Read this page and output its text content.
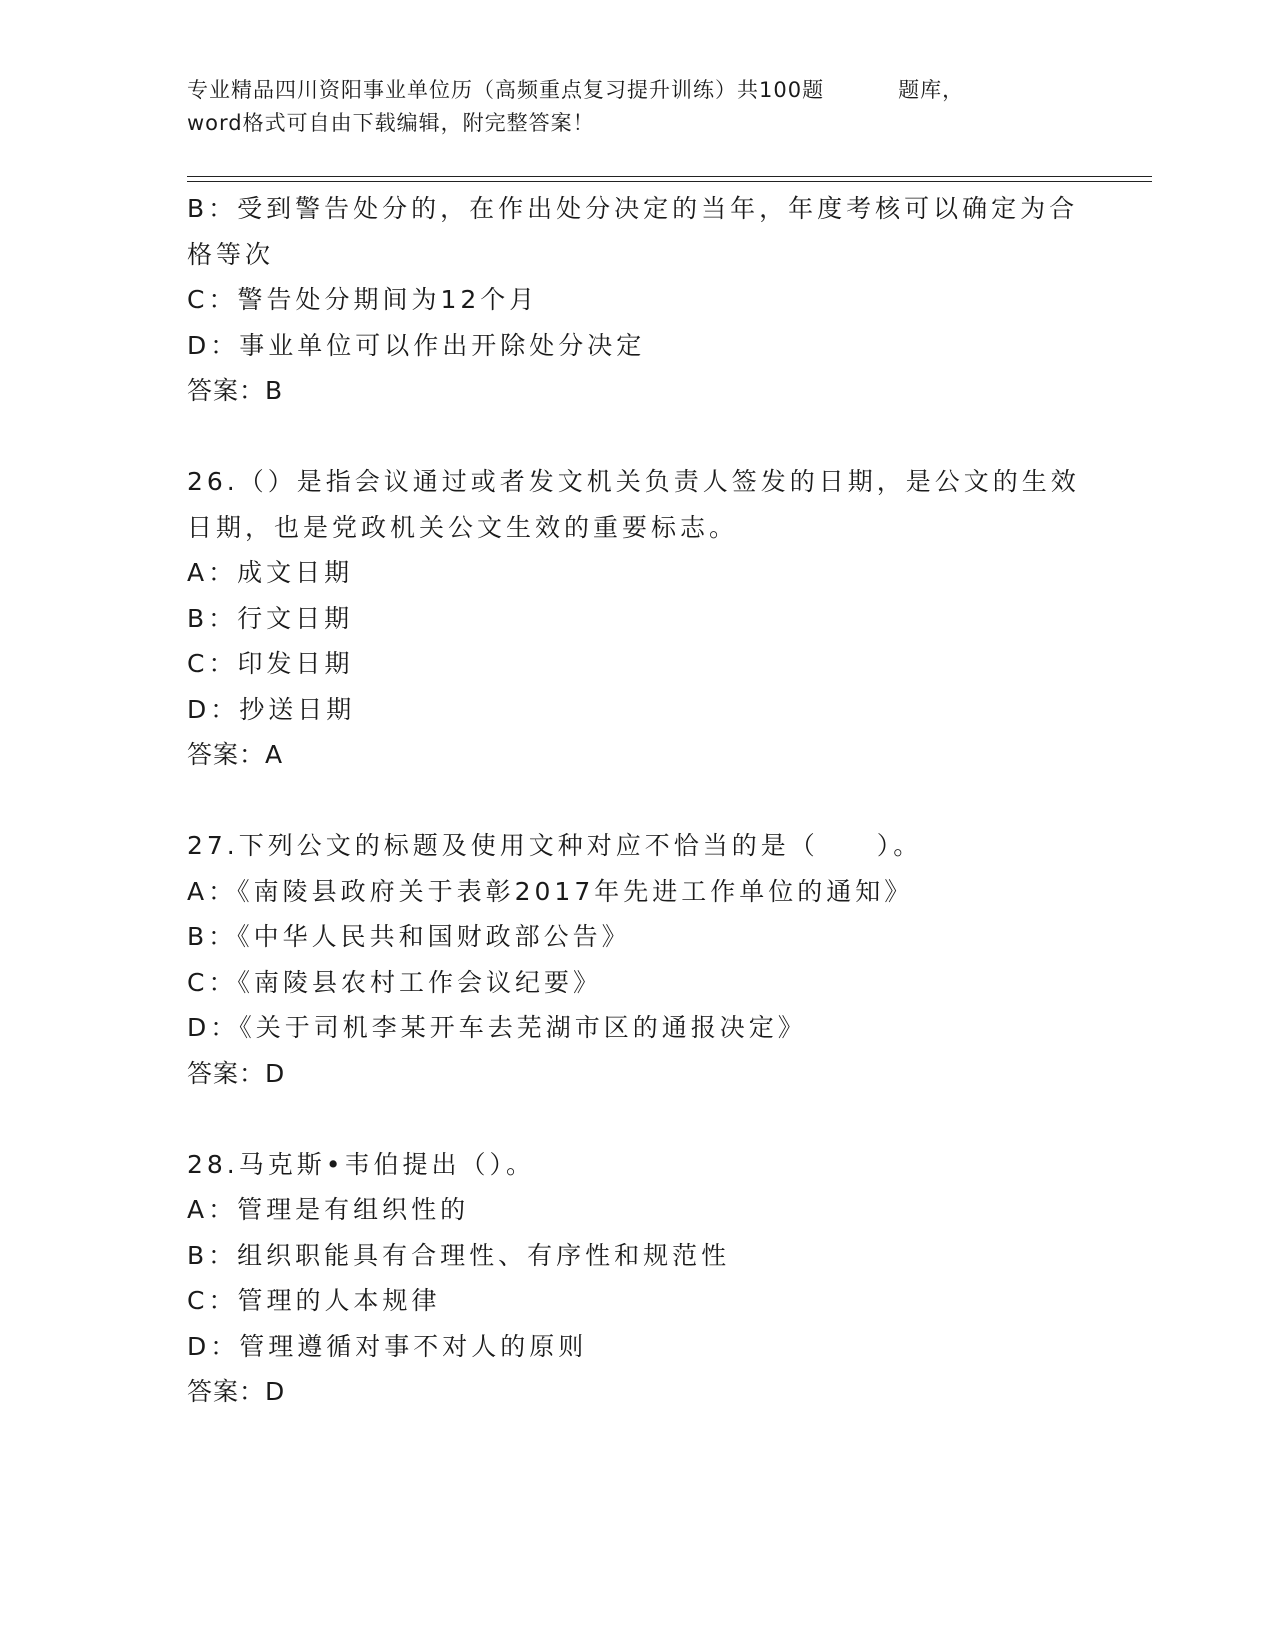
专业精品四川资阳事业单位历（高频重点复习提升训练）共100题	题库，
word格式可自由下载编辑，附完整答案！
B：受到警告处分的，在作出处分决定的当年，年度考核可以确定为合
格等次
C：警告处分期间为12个月
D：事业单位可以作出开除处分决定
答案：B
26.（）是指会议通过或者发文机关负责人签发的日期，是公文的生效
日期，也是党政机关公文生效的重要标志。
A：成文日期
B：行文日期
C：印发日期
D：抄送日期
答案：A
27.下列公文的标题及使用文种对应不恰当的是（　　）。
A：《南陵县政府关于表彰2017年先进工作单位的通知》
B：《中华人民共和国财政部公告》
C：《南陵县农村工作会议纪要》
D：《关于司机李某开车去芜湖市区的通报决定》
答案：D
28.马克斯•韦伯提出（）。
A：管理是有组织性的
B：组织职能具有合理性、有序性和规范性
C：管理的人本规律
D：管理遵循对事不对人的原则
答案：D
